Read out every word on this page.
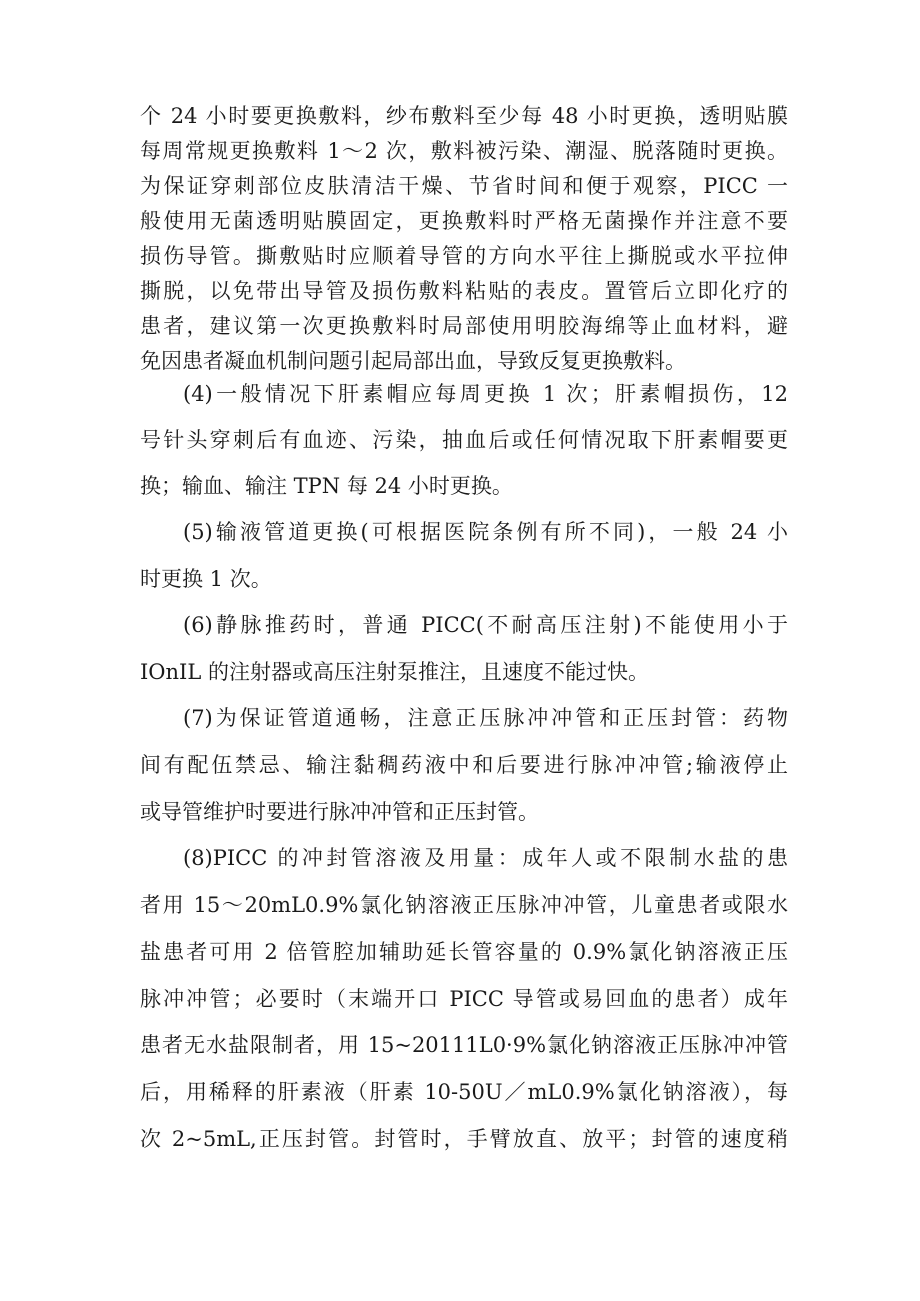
个 24 小时要更换敷料，纱布敷料至少每 48 小时更换，透明贴膜
每周常规更换敷料 1～2 次，敷料被污染、潮湿、脱落随时更换。
为保证穿刺部位皮肤清洁干燥、节省时间和便于观察，PICC 一
般使用无菌透明贴膜固定，更换敷料时严格无菌操作并注意不要
损伤导管。撕敷贴时应顺着导管的方向水平往上撕脱或水平拉伸
撕脱，以免带出导管及损伤敷料粘贴的表皮。置管后立即化疗的
患者，建议第一次更换敷料时局部使用明胶海绵等止血材料，避
免因患者凝血机制问题引起局部出血，导致反复更换敷料。
(4)一般情况下肝素帽应每周更换 1 次；肝素帽损伤，12
号针头穿刺后有血迹、污染，抽血后或任何情况取下肝素帽要更
换；输血、输注 TPN 每 24 小时更换。
(5)输液管道更换(可根据医院条例有所不同)，一般 24 小
时更换 1 次。
(6)静脉推药时，普通 PICC(不耐高压注射)不能使用小于
IOnIL 的注射器或高压注射泵推注，且速度不能过快。
(7)为保证管道通畅，注意正压脉冲冲管和正压封管：药物
间有配伍禁忌、输注黏稠药液中和后要进行脉冲冲管;输液停止
或导管维护时要进行脉冲冲管和正压封管。
(8)PICC 的冲封管溶液及用量：成年人或不限制水盐的患
者用 15～20mL0.9%氯化钠溶液正压脉冲冲管，儿童患者或限水
盐患者可用 2 倍管腔加辅助延长管容量的 0.9%氯化钠溶液正压
脉冲冲管；必要时（末端开口 PICC 导管或易回血的患者）成年
患者无水盐限制者，用 15~20111L0·9%氯化钠溶液正压脉冲冲管
后，用稀释的肝素液（肝素 10-50U／mL0.9%氯化钠溶液），每
次 2~5mL,正压封管。封管时，手臂放直、放平；封管的速度稍
